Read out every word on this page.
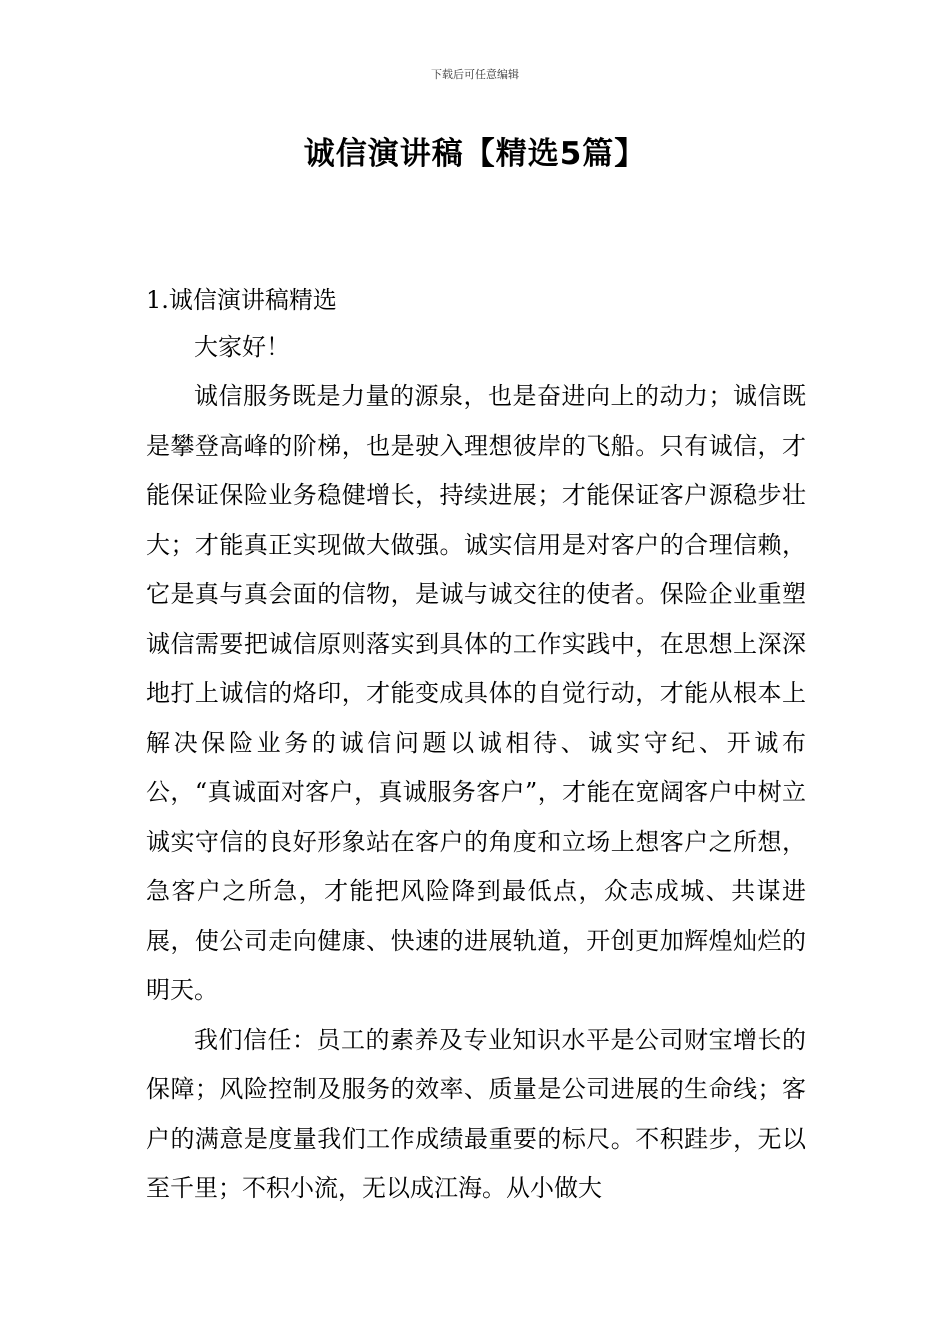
下载后可任意编辑
诚信演讲稿【精选5篇】
1.诚信演讲稿精选

大家好！

诚信服务既是力量的源泉，也是奋进向上的动力；诚信既是攀登高峰的阶梯，也是驶入理想彼岸的飞船。只有诚信，才能保证保险业务稳健增长，持续进展；才能保证客户源稳步壮大；才能真正实现做大做强。诚实信用是对客户的合理信赖，它是真与真会面的信物，是诚与诚交往的使者。保险企业重塑诚信需要把诚信原则落实到具体的工作实践中，在思想上深深地打上诚信的烙印，才能变成具体的自觉行动，才能从根本上解决保险业务的诚信问题以诚相待、诚实守纪、开诚布公，“真诚面对客户，真诚服务客户”，才能在宽阔客户中树立诚实守信的良好形象站在客户的角度和立场上想客户之所想，急客户之所急，才能把风险降到最低点，众志成城、共谋进展，使公司走向健康、快速的进展轨道，开创更加辉煌灿烂的明天。

我们信任：员工的素养及专业知识水平是公司财宝增长的保障；风险控制及服务的效率、质量是公司进展的生命线；客户的满意是度量我们工作成绩最重要的标尺。不积跬步，无以至千里；不积小流，无以成江海。从小做大
